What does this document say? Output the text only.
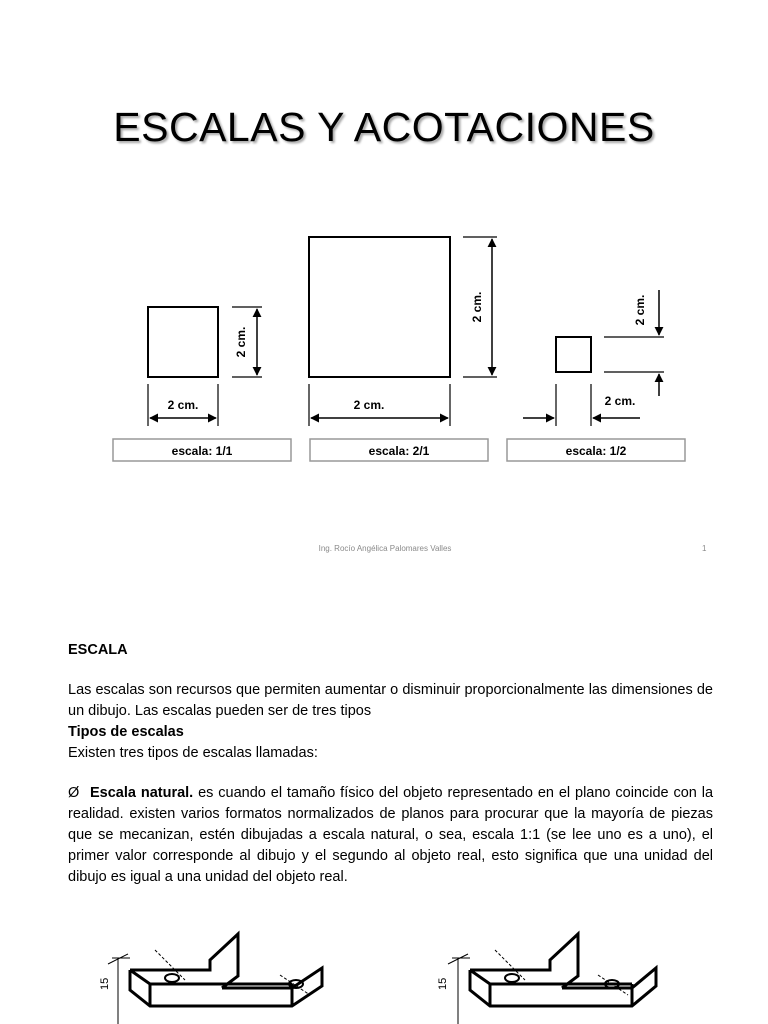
ESCALAS Y ACOTACIONES
2 cm.
2 cm.
escala: 1/1
2 cm.
2 cm.
escala: 2/1
2 cm.
2 cm.
escala: 1/2
Ing. Rocío Angélica Palomares Valles	1

ESCALA

Las escalas son recursos que permiten aumentar o disminuir proporcionalmente las dimensiones de un dibujo. Las escalas pueden ser de tres tipos

Tipos de escalas

Existen tres tipos de escalas llamadas:

Ø Escala natural. es cuando el tamaño físico del objeto representado en el plano coincide con la realidad. existen varios formatos normalizados de planos para procurar que la mayoría de piezas que se mecanizan, estén dibujadas a escala natural, o sea, escala 1:1 (se lee uno es a uno), el primer valor corresponde al dibujo y el segundo al objeto real, esto significa que una unidad del dibujo es igual a una unidad del objeto real.

15	15
